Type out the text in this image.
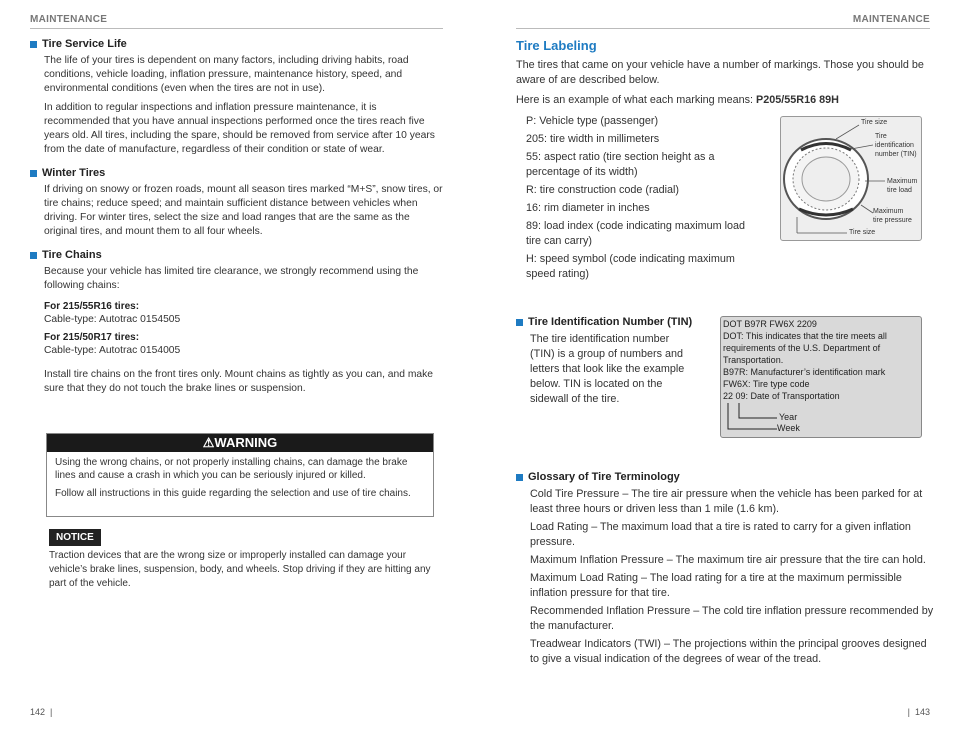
MAINTENANCE	MAINTENANCE
Tire Service Life
The life of your tires is dependent on many factors, including driving habits, road conditions, vehicle loading, inflation pressure, maintenance history, speed, and environmental conditions (even when the tires are not in use).
In addition to regular inspections and inflation pressure maintenance, it is recommended that you have annual inspections performed once the tires reach five years old. All tires, including the spare, should be removed from service after 10 years from the date of manufacture, regardless of their condition or state of wear.
Winter Tires
If driving on snowy or frozen roads, mount all season tires marked “M+S”, snow tires, or tire chains; reduce speed; and maintain sufficient distance between vehicles when driving. For winter tires, select the size and load ranges that are the same as the original tires, and mount them to all four wheels.
Tire Chains
Because your vehicle has limited tire clearance, we strongly recommend using the following chains:
For 215/55R16 tires:
Cable-type: Autotrac 0154505
For 215/50R17 tires:
Cable-type: Autotrac 0154005
Install tire chains on the front tires only. Mount chains as tightly as you can, and make sure that they do not touch the brake lines or suspension.
⚠WARNING
Using the wrong chains, or not properly installing chains, can damage the brake lines and cause a crash in which you can be seriously injured or killed.
Follow all instructions in this guide regarding the selection and use of tire chains.
NOTICE
Traction devices that are the wrong size or improperly installed can damage your vehicle’s brake lines, suspension, body, and wheels. Stop driving if they are hitting any part of the vehicle.
Tire Labeling
The tires that came on your vehicle have a number of markings. Those you should be aware of are described below.
Here is an example of what each marking means: P205/55R16 89H
P: Vehicle type (passenger)
205: tire width in millimeters
55: aspect ratio (tire section height as a percentage of its width)
R: tire construction code (radial)
16: rim diameter in inches
89: load index (code indicating maximum load tire can carry)
H: speed symbol (code indicating maximum speed rating)
Tire size
Tire
identification
number (TIN)
Maximum
tire load
Maximum
tire pressure
Tire size
Tire Identification Number (TIN)
The tire identification number (TIN) is a group of numbers and letters that look like the example below. TIN is located on the sidewall of the tire.
DOT B97R FW6X 2209
DOT: This indicates that the tire meets all requirements of the U.S. Department of Transportation.
B97R: Manufacturer’s identification mark
FW6X: Tire type code
22 09: Date of Transportation
Year
Week
Glossary of Tire Terminology
Cold Tire Pressure – The tire air pressure when the vehicle has been parked for at least three hours or driven less than 1 mile (1.6 km).
Load Rating – The maximum load that a tire is rated to carry for a given inflation pressure.
Maximum Inflation Pressure – The maximum tire air pressure that the tire can hold.
Maximum Load Rating – The load rating for a tire at the maximum permissible inflation pressure for that tire.
Recommended Inflation Pressure – The cold tire inflation pressure recommended by the manufacturer.
Treadwear Indicators (TWI) – The projections within the principal grooves designed to give a visual indication of the degrees of wear of the tread.
142  |	|  143
